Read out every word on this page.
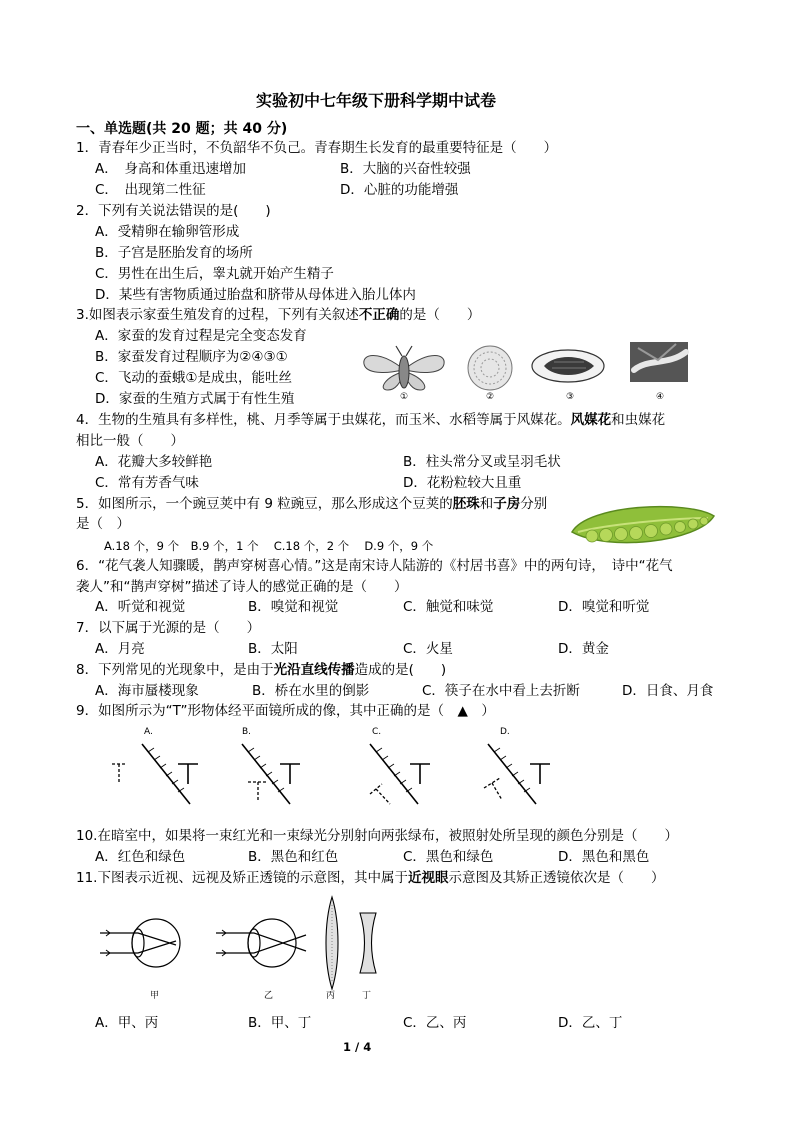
实验初中七年级下册科学期中试卷
一、单选题(共 20 题；共 40 分)
1．青春年少正当时，不负韶华不负己。青春期生长发育的最重要特征是（　　）
A．　身高和体重迅速增加	B．大脑的兴奋性较强
C．　出现第二性征	D．心脏的功能增强
2．下列有关说法错误的是(　　)
A．受精卵在输卵管形成
B．子宫是胚胎发育的场所
C．男性在出生后，睾丸就开始产生精子
D．某些有害物质通过胎盘和脐带从母体进入胎儿体内
3.如图表示家蚕生殖发育的过程，下列有关叙述不正确的是（　　）
A．家蚕的发育过程是完全变态发育
B．家蚕发育过程顺序为②④③①
C．飞动的蚕蛾①是成虫，能吐丝
D．家蚕的生殖方式属于有性生殖	①	②	③	④
4．生物的生殖具有多样性，桃、月季等属于虫媒花，而玉米、水稻等属于风媒花。风媒花和虫媒花
相比一般（　　）
A．花瓣大多较鲜艳	B．柱头常分叉或呈羽毛状
C．常有芳香气味	D．花粉粒较大且重
5．如图所示，一个豌豆荚中有 9 粒豌豆，那么形成这个豆荚的胚珠和子房分别
是（　）
A.18 个，9 个　B.9 个，1 个　 C.18 个，2 个　 D.9 个，9 个
6．“花气袭人知骤暖，鹊声穿树喜心情。”这是南宋诗人陆游的《村居书喜》中的两句诗，　诗中“花气
袭人”和“鹊声穿树”描述了诗人的感觉正确的是（　　）
A．听觉和视觉	B．嗅觉和视觉	C．触觉和味觉	D．嗅觉和听觉
7．以下属于光源的是（　　）
A．月亮	B．太阳	C．火星	D．黄金
8．下列常见的光现象中，是由于光沿直线传播造成的是(　　)
A．海市蜃楼现象	B．桥在水里的倒影	C．筷子在水中看上去折断	D．日食、月食
9．如图所示为“T”形物体经平面镜所成的像，其中正确的是（　▲　）
A.	B.	C.	D.
10.在暗室中，如果将一束红光和一束绿光分别射向两张绿布，被照射处所呈现的颜色分别是（　　）
A．红色和绿色	B．黑色和红色	C．黑色和绿色	D．黑色和黑色
11.下图表示近视、远视及矫正透镜的示意图，其中属于近视眼示意图及其矫正透镜依次是（　　）
甲	乙	丙	丁
A．甲、丙	B．甲、丁	C．乙、丙	D．乙、丁
1 / 4
